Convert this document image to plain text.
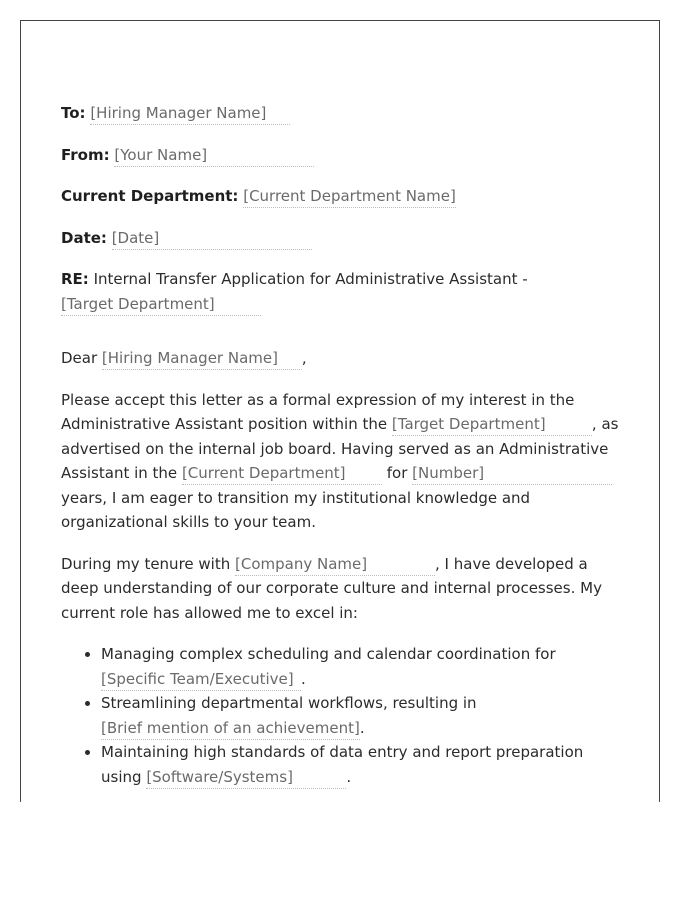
To: [Hiring Manager Name]
From: [Your Name]
Current Department: [Current Department Name]
Date: [Date]
RE: Internal Transfer Application for Administrative Assistant -
[Target Department]

Dear [Hiring Manager Name] ,

Please accept this letter as a formal expression of my interest in the Administrative Assistant position within the [Target Department]	, as advertised on the internal job board. Having served as an Administrative Assistant in the [Current Department]	for [Number] years, I am eager to transition my institutional knowledge and organizational skills to your team.

During my tenure with [Company Name]	, I have developed a deep understanding of our corporate culture and internal processes. My current role has allowed me to excel in:

• Managing complex scheduling and calendar coordination for [Specific Team/Executive] .
• Streamlining departmental workflows, resulting in [Brief mention of an achievement].
• Maintaining high standards of data entry and report preparation using [Software/Systems]	.
